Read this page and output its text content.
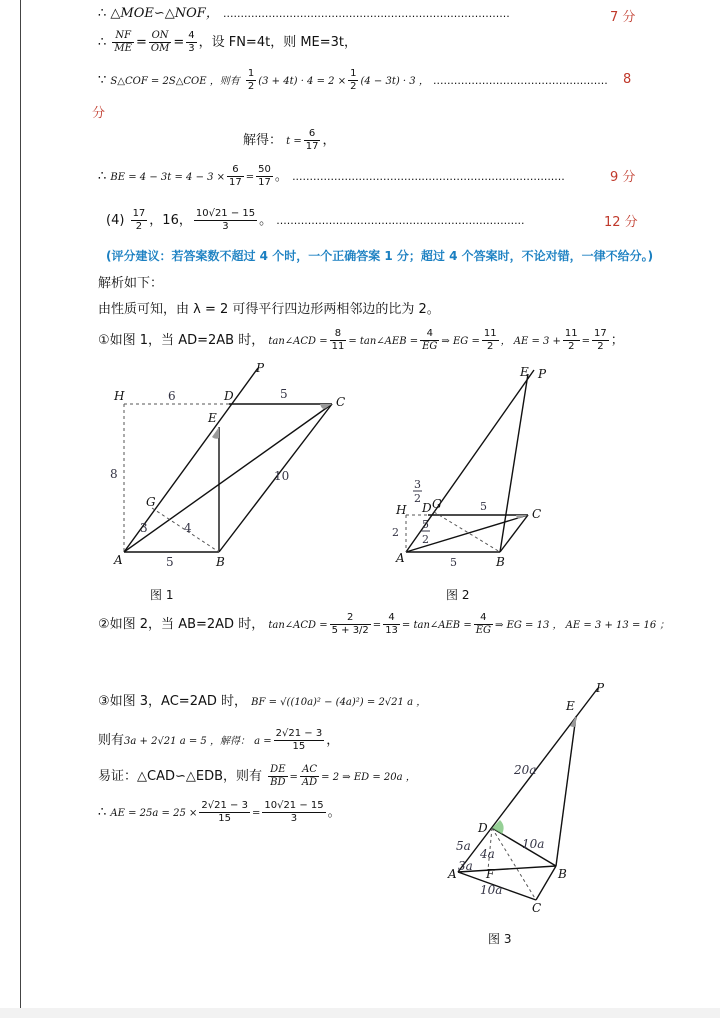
∴ △MOE∽△NOF， ..................................................................................	7 分
∴ $\frac{NF}{ME} = \frac{ON}{OM} = \frac{4}{3}$ ，设 FN=4t，则 ME=3t，
∵ S△COF = 2S△COE ，则有 $\frac{1}{2} (3 + 4t) \cdot 4 = 2 \times \frac{1}{2} (4 - 3t) \cdot 3$ ， .................................................. 8
分
解得： $t = \frac{6}{17}$ ，
∴ BE = $4 - 3t = 4 - 3 \times \frac{6}{17} = \frac{50}{17}$ 。 ..............................................................................	9 分
$(4) \frac{17}{2}$ ，16， $\frac{10√21 - 15}{3}$ 。 .......................................................................	12 分
(评分建议：若答案数不超过 4 个时，一个正确答案 1 分；超过 4 个答案时，不论对错，一律不给分。)
解析如下：
由性质可知，由 λ = 2 可得平行四边形两相邻边的比为 2。
①如图 1，当 AD=2AB 时， tan∠ACD = $\frac{8}{11}$ = tan∠AEB = $\frac{4}{EG}$ ⇒ EG = $\frac{11}{2}$ ， AE = $3 + \frac{11}{2} = \frac{17}{2}$ ；
P
H	D	C
E
G
A	B
6	5
8	10
3	4
5
图 1
E P
H D G
C
A	B
3
2
2
5
2
5
5
图 2
②如图 2，当 AB=2AD 时， tan∠ACD = $\frac{2}{5 + 3/2} = \frac{4}{13}$ = tan∠AEB = $\frac{4}{EG}$ ⇒ EG = 13 ， AE = 3 + 13 = 16 ；
③如图 3，AC=2AD 时， BF = √((10a)² − (4a)²) = 2√21 a ，
则有3a + 2√21 a = 5 ，解得： $a = \frac{2√21 - 3}{15}$ ，
易证：△CAD∽△EDB，则有 $\frac{DE}{BD} = \frac{AC}{AD} = 2$ ⇒ ED = 20a ，
∴ AE = $25a = 25 \times \frac{2√21 - 3}{15} = \frac{10√21 - 15}{3}$ 。
P
E
D
A F	B
C
20a
5a
4a
3a
10a
10a
图 3
